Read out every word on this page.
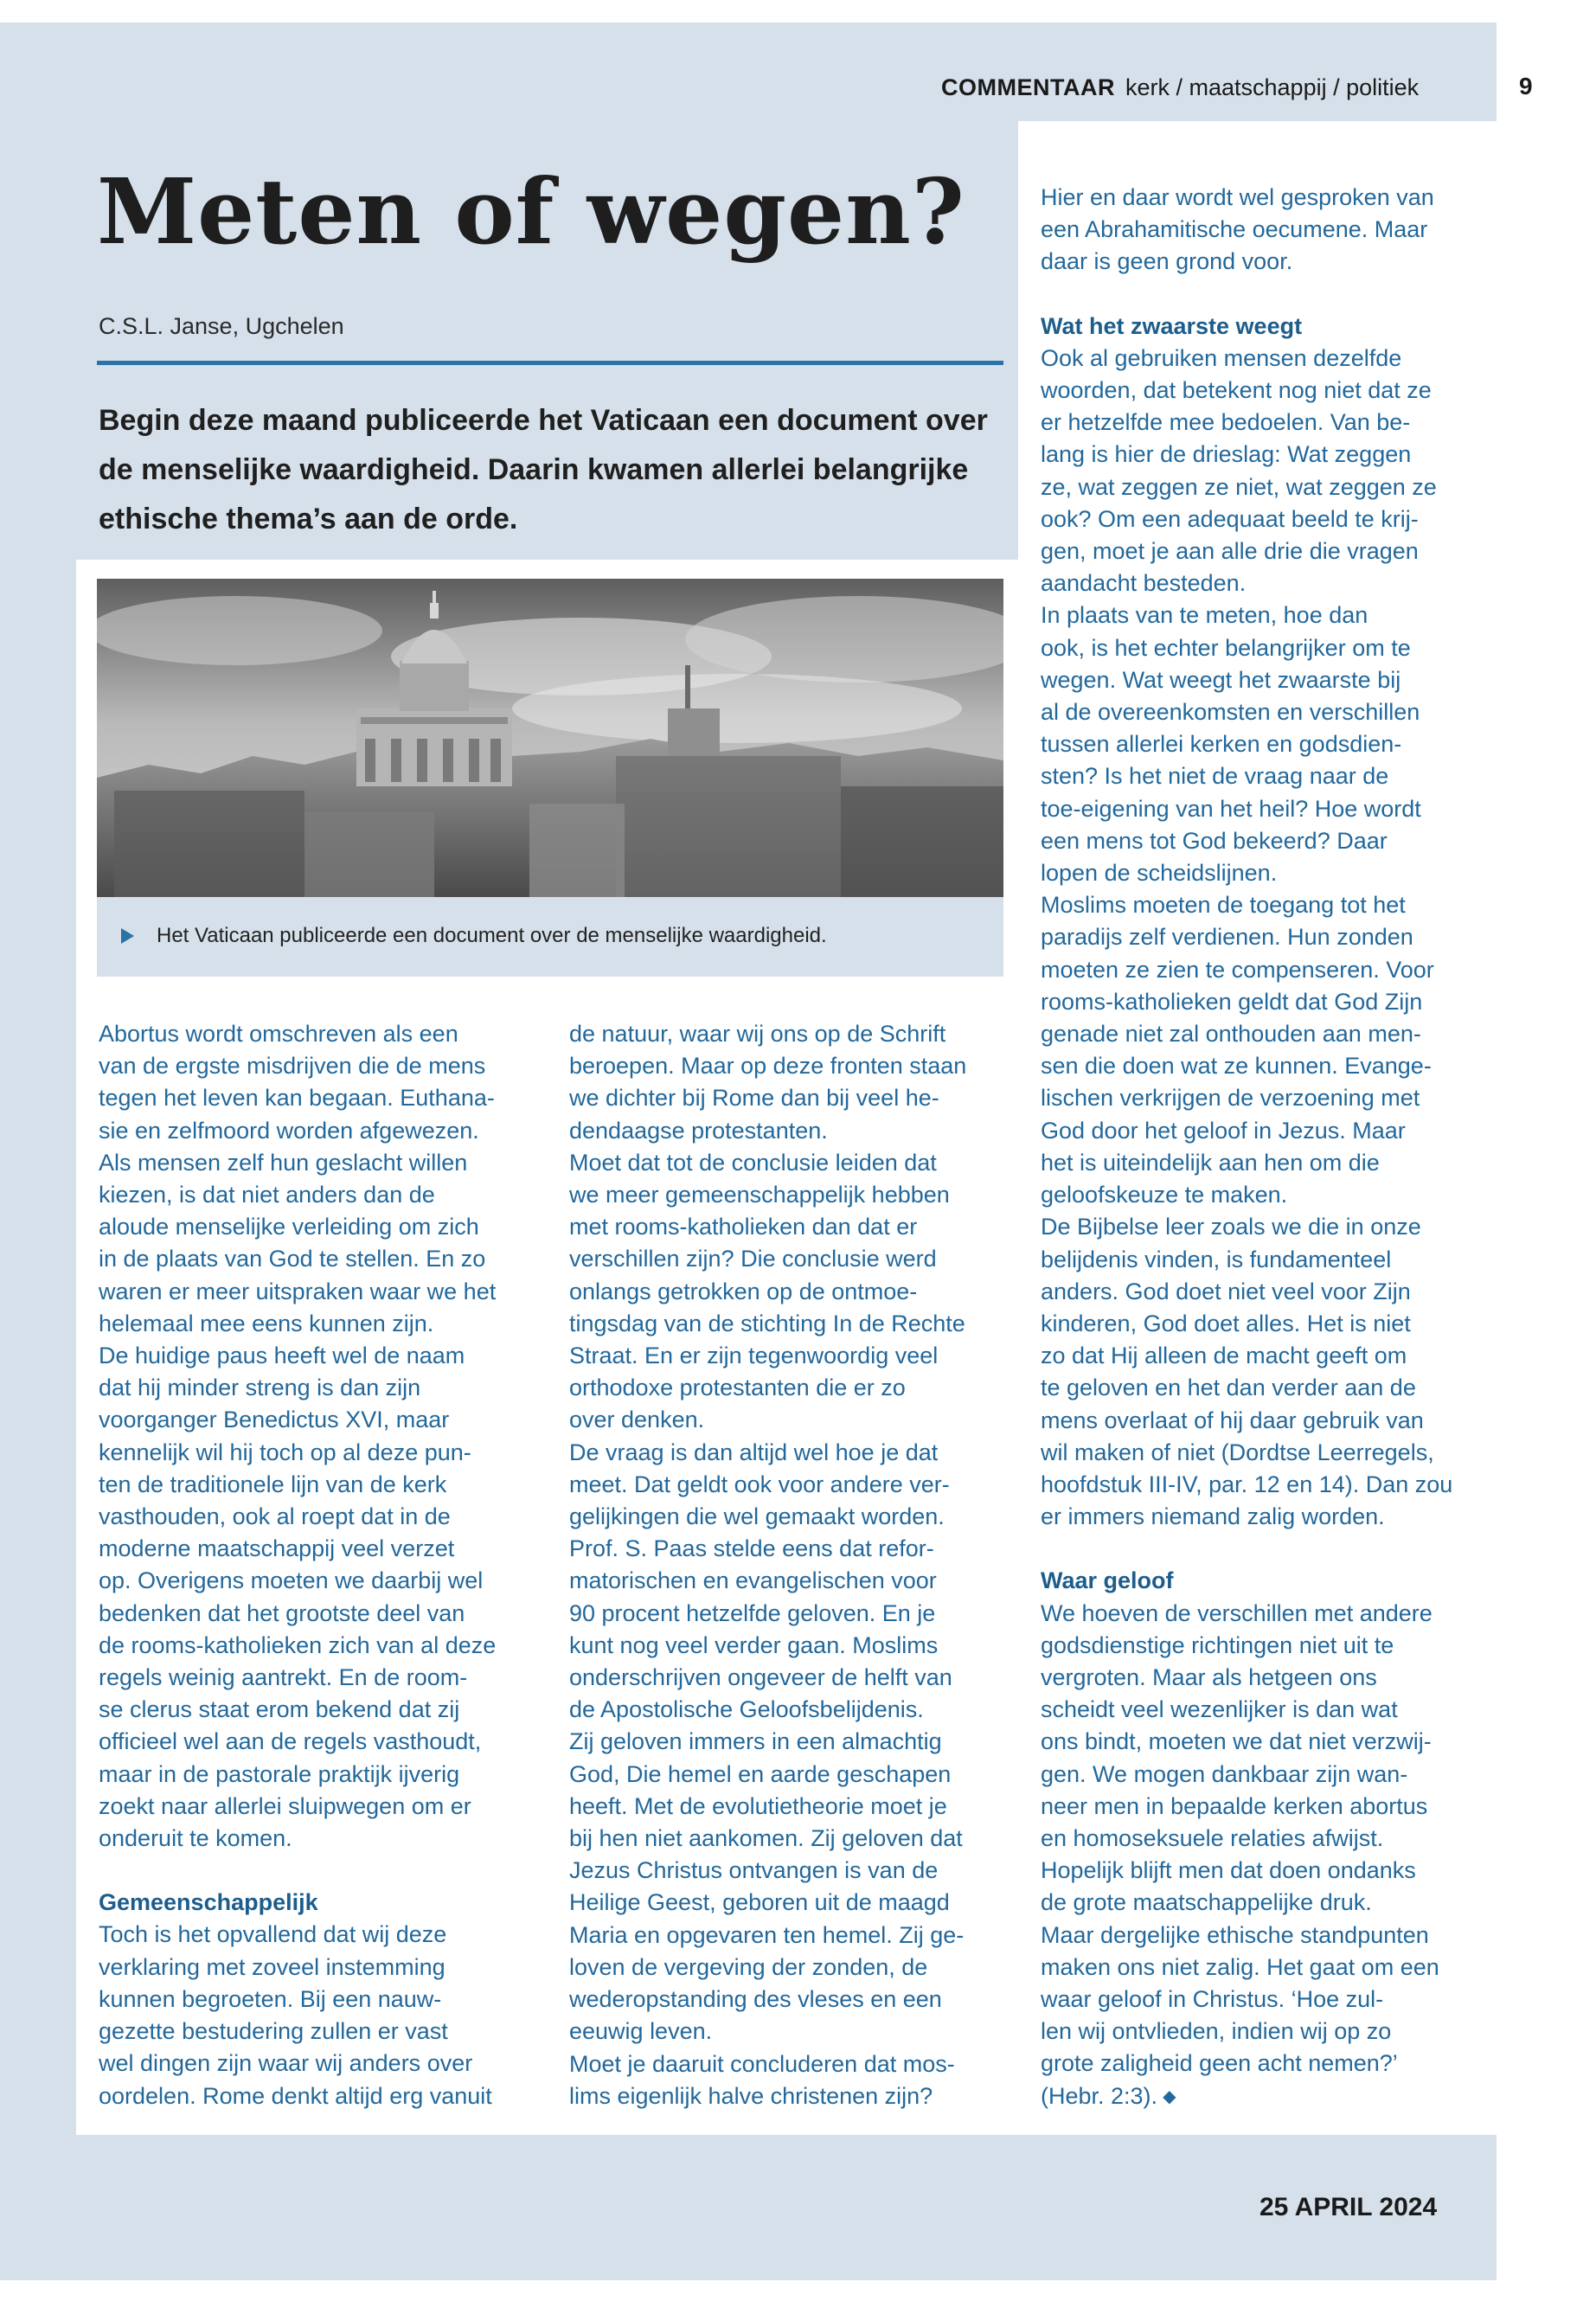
COMMENTAAR kerk / maatschappij / politiek	9
Meten of wegen?
C.S.L. Janse, Ugchelen

Begin deze maand publiceerde het Vaticaan een document over de menselijke waardigheid. Daarin kwamen allerlei belangrijke ethische thema’s aan de orde.

Het Vaticaan publiceerde een document over de menselijke waardigheid.

Abortus wordt omschreven als een

van de ergste misdrijven die de mens

tegen het leven kan begaan. Euthana-

sie en zelfmoord worden afgewezen.

Als mensen zelf hun geslacht willen

kiezen, is dat niet anders dan de

aloude menselijke verleiding om zich

in de plaats van God te stellen. En zo

waren er meer uitspraken waar we het

helemaal mee eens kunnen zijn.

De huidige paus heeft wel de naam

dat hij minder streng is dan zijn

voorganger Benedictus XVI, maar

kennelijk wil hij toch op al deze pun-

ten de traditionele lijn van de kerk

vasthouden, ook al roept dat in de

moderne maatschappij veel verzet

op. Overigens moeten we daarbij wel

bedenken dat het grootste deel van

de rooms-katholieken zich van al deze

regels weinig aantrekt. En de room-

se clerus staat erom bekend dat zij

officieel wel aan de regels vasthoudt,

maar in de pastorale praktijk ijverig

zoekt naar allerlei sluipwegen om er

onderuit te komen.

Gemeenschappelijk

Toch is het opvallend dat wij deze

verklaring met zoveel instemming

kunnen begroeten. Bij een nauw-

gezette bestudering zullen er vast

wel dingen zijn waar wij anders over

oordelen. Rome denkt altijd erg vanuit

de natuur, waar wij ons op de Schrift

beroepen. Maar op deze fronten staan

we dichter bij Rome dan bij veel he-

dendaagse protestanten.

Moet dat tot de conclusie leiden dat

we meer gemeenschappelijk hebben

met rooms-katholieken dan dat er

verschillen zijn? Die conclusie werd

onlangs getrokken op de ontmoe-

tingsdag van de stichting In de Rechte

Straat. En er zijn tegenwoordig veel

orthodoxe protestanten die er zo

over denken.

De vraag is dan altijd wel hoe je dat

meet. Dat geldt ook voor andere ver-

gelijkingen die wel gemaakt worden.

Prof. S. Paas stelde eens dat refor-

matorischen en evangelischen voor

90 procent hetzelfde geloven. En je

kunt nog veel verder gaan. Moslims

onderschrijven ongeveer de helft van

de Apostolische Geloofsbelijdenis.

Zij geloven immers in een almachtig

God, Die hemel en aarde geschapen

heeft. Met de evolutietheorie moet je

bij hen niet aankomen. Zij geloven dat

Jezus Christus ontvangen is van de

Heilige Geest, geboren uit de maagd

Maria en opgevaren ten hemel. Zij ge-

loven de vergeving der zonden, de

wederopstanding des vleses en een

eeuwig leven.

Moet je daaruit concluderen dat mos-

lims eigenlijk halve christenen zijn?

Hier en daar wordt wel gesproken van

een Abrahamitische oecumene. Maar

daar is geen grond voor.

Wat het zwaarste weegt

Ook al gebruiken mensen dezelfde

woorden, dat betekent nog niet dat ze

er hetzelfde mee bedoelen. Van be-

lang is hier de drieslag: Wat zeggen

ze, wat zeggen ze niet, wat zeggen ze

ook? Om een adequaat beeld te krij-

gen, moet je aan alle drie die vragen

aandacht besteden.

In plaats van te meten, hoe dan

ook, is het echter belangrijker om te

wegen. Wat weegt het zwaarste bij

al de overeenkomsten en verschillen

tussen allerlei kerken en godsdien-

sten? Is het niet de vraag naar de

toe-eigening van het heil? Hoe wordt

een mens tot God bekeerd? Daar

lopen de scheidslijnen.

Moslims moeten de toegang tot het

paradijs zelf verdienen. Hun zonden

moeten ze zien te compenseren. Voor

rooms-katholieken geldt dat God Zijn

genade niet zal onthouden aan men-

sen die doen wat ze kunnen. Evange-

lischen verkrijgen de verzoening met

God door het geloof in Jezus. Maar

het is uiteindelijk aan hen om die

geloofskeuze te maken.

De Bijbelse leer zoals we die in onze

belijdenis vinden, is fundamenteel

anders. God doet niet veel voor Zijn

kinderen, God doet alles. Het is niet

zo dat Hij alleen de macht geeft om

te geloven en het dan verder aan de

mens overlaat of hij daar gebruik van

wil maken of niet (Dordtse Leerregels,

hoofdstuk III-IV, par. 12 en 14). Dan zou

er immers niemand zalig worden.

Waar geloof

We hoeven de verschillen met andere

godsdienstige richtingen niet uit te

vergroten. Maar als hetgeen ons

scheidt veel wezenlijker is dan wat

ons bindt, moeten we dat niet verzwij-

gen. We mogen dankbaar zijn wan-

neer men in bepaalde kerken abortus

en homoseksuele relaties afwijst.

Hopelijk blijft men dat doen ondanks

de grote maatschappelijke druk.

Maar dergelijke ethische standpunten

maken ons niet zalig. Het gaat om een

waar geloof in Christus. ‘Hoe zul-

len wij ontvlieden, indien wij op zo

grote zaligheid geen acht nemen?’

(Hebr. 2:3). ◆

25 APRIL 2024
